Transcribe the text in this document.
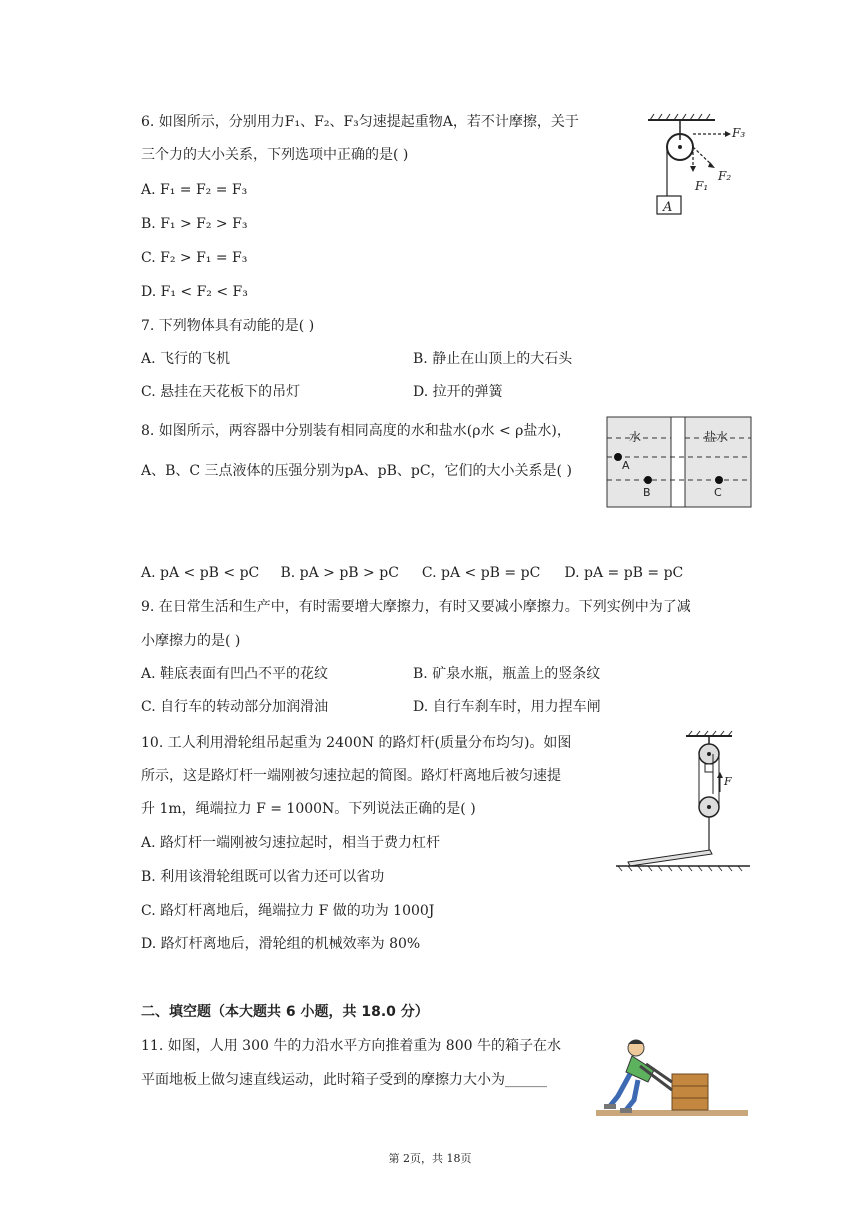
6. 如图所示，分别用力F₁、F₂、F₃匀速提起重物A，若不计摩擦，关于
三个力的大小关系，下列选项中正确的是( )
A. F₁ = F₂ = F₃
B. F₁ > F₂ > F₃
C. F₂ > F₁ = F₃
D. F₁ < F₂ < F₃
A
F₃
F₂
F₁
7. 下列物体具有动能的是( )
A. 飞行的飞机	B. 静止在山顶上的大石头
C. 悬挂在天花板下的吊灯	D. 拉开的弹簧
8. 如图所示，两容器中分别装有相同高度的水和盐水(ρ水 < ρ盐水)，
A、B、C 三点液体的压强分别为pA、pB、pC，它们的大小关系是( )
水	盐水
A
B	C
A. pA < pB < pC B. pA > pB > pC C. pA < pB = pC D. pA = pB = pC
9. 在日常生活和生产中，有时需要增大摩擦力，有时又要减小摩擦力。下列实例中为了减
小摩擦力的是( )
A. 鞋底表面有凹凸不平的花纹	B. 矿泉水瓶，瓶盖上的竖条纹
C. 自行车的转动部分加润滑油	D. 自行车刹车时，用力捏车闸
10. 工人利用滑轮组吊起重为 2400N 的路灯杆(质量分布均匀)。如图
所示，这是路灯杆一端刚被匀速拉起的简图。路灯杆离地后被匀速提
升 1m，绳端拉力 F = 1000N。下列说法正确的是( )
A. 路灯杆一端刚被匀速拉起时，相当于费力杠杆
B. 利用该滑轮组既可以省力还可以省功
C. 路灯杆离地后，绳端拉力 F 做的功为 1000J
D. 路灯杆离地后，滑轮组的机械效率为 80%
F
二、填空题（本大题共 6 小题，共 18.0 分）
11. 如图，人用 300 牛的力沿水平方向推着重为 800 牛的箱子在水
平面地板上做匀速直线运动，此时箱子受到的摩擦力大小为______
第 2页，共 18页
